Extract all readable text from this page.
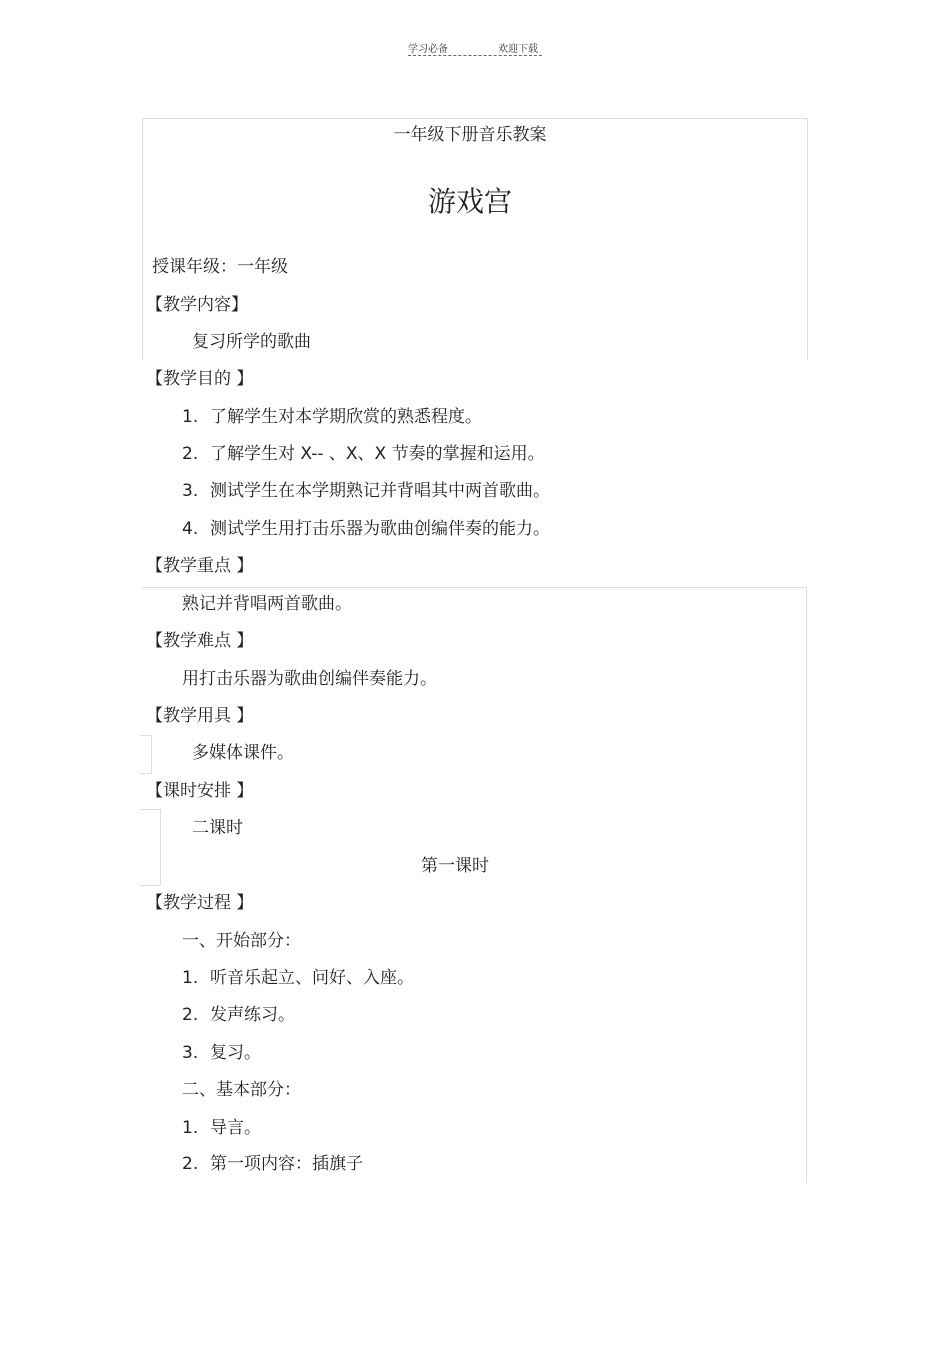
学习必备	欢迎下载
一年级下册音乐教案
游戏宫
授课年级：一年级
【教学内容】
复习所学的歌曲
【教学目的 】
1. 了解学生对本学期欣赏的熟悉程度。
2. 了解学生对 X-- 、X、X 节奏的掌握和运用。
3. 测试学生在本学期熟记并背唱其中两首歌曲。
4. 测试学生用打击乐器为歌曲创编伴奏的能力。
【教学重点 】
熟记并背唱两首歌曲。
【教学难点 】
用打击乐器为歌曲创编伴奏能力。
【教学用具 】
多媒体课件。
【课时安排 】
二课时
第一课时
【教学过程 】
一、开始部分：
1. 听音乐起立、问好、入座。
2. 发声练习。
3. 复习。
二、基本部分：
1. 导言。
2. 第一项内容：插旗子
